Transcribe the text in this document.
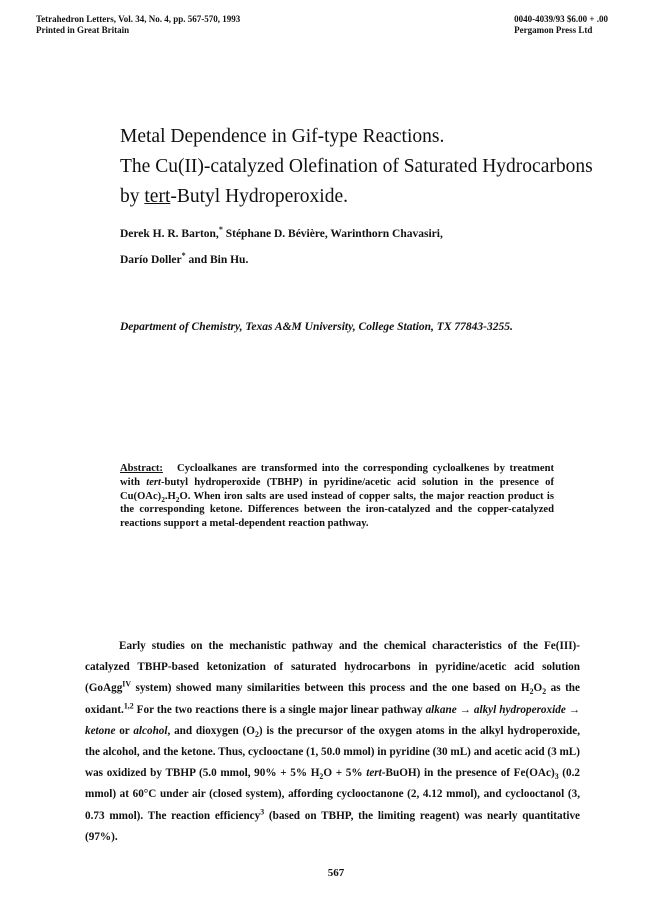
Tetrahedron Letters, Vol. 34, No. 4, pp. 567-570, 1993
Printed in Great Britain
0040-4039/93 $6.00 + .00
Pergamon Press Ltd
Metal Dependence in Gif-type Reactions.
The Cu(II)-catalyzed Olefination of Saturated Hydrocarbons
by tert-Butyl Hydroperoxide.
Derek H. R. Barton,* Stéphane D. Bévière, Warinthorn Chavasiri,
Darío Doller* and Bin Hu.
Department of Chemistry, Texas A&M University, College Station, TX 77843-3255.
Abstract: Cycloalkanes are transformed into the corresponding cycloalkenes by treatment with tert-butyl hydroperoxide (TBHP) in pyridine/acetic acid solution in the presence of $Cu(OAc)_2.H_2O$. When iron salts are used instead of copper salts, the major reaction product is the corresponding ketone. Differences between the iron-catalyzed and the copper-catalyzed reactions support a metal-dependent reaction pathway.

Early studies on the mechanistic pathway and the chemical characteristics of the Fe(III)-catalyzed TBHP-based ketonization of saturated hydrocarbons in pyridine/acetic acid solution (GoAgg$^{IV}$ system) showed many similarities between this process and the one based on $H_2O_2$ as the oxidant.$^{1,2}$ For the two reactions there is a single major linear pathway alkane → alkyl hydroperoxide → ketone or alcohol, and dioxygen $(O_2)$ is the precursor of the oxygen atoms in the alkyl hydroperoxide, the alcohol, and the ketone. Thus, cyclooctane (1, 50.0 mmol) in pyridine (30 mL) and acetic acid (3 mL) was oxidized by TBHP (5.0 mmol, 90% + 5% $H_2O + 5\%$ tert-BuOH) in the presence of $Fe(OAc)_3$ (0.2 mmol) at 60°C under air (closed system), affording cyclooctanone (2, 4.12 mmol), and cyclooctanol (3, 0.73 mmol). The reaction efficiency$^3$ (based on TBHP, the limiting reagent) was nearly quantitative (97%).

567
